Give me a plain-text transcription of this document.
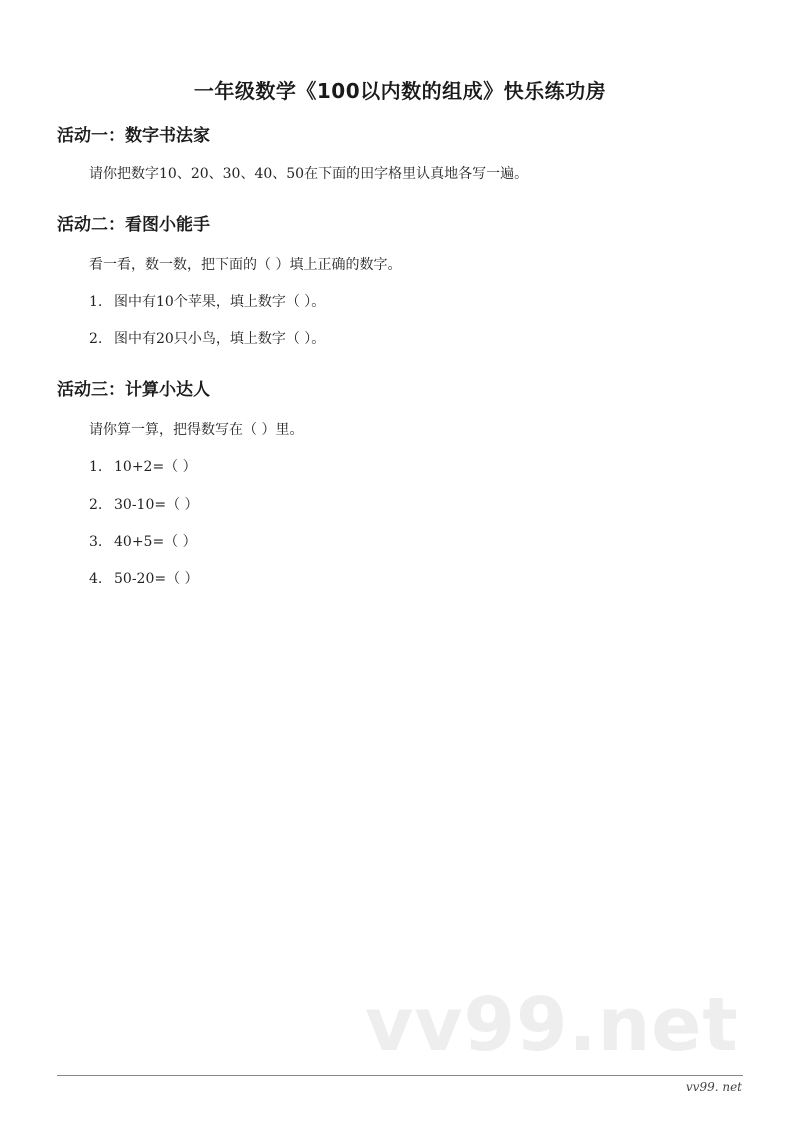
一年级数学《100以内数的组成》快乐练功房
活动一：数字书法家
请你把数字10、20、30、40、50在下面的田字格里认真地各写一遍。
活动二：看图小能手
看一看，数一数，把下面的（ ）填上正确的数字。
1. 图中有10个苹果，填上数字（ ）。
2. 图中有20只小鸟，填上数字（ ）。
活动三：计算小达人
请你算一算，把得数写在（ ）里。
1. 10+2=（ ）
2. 30-10=（ ）
3. 40+5=（ ）
4. 50-20=（ ）
vv99.net
vv99. net
